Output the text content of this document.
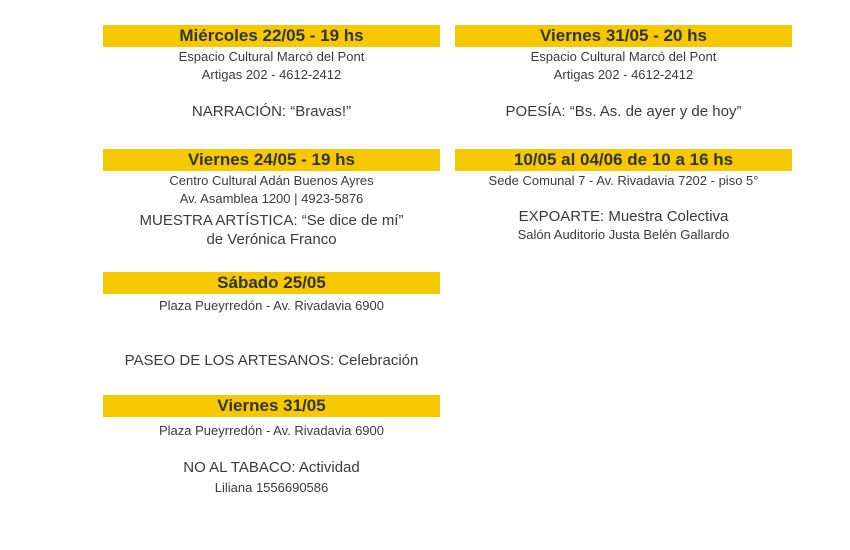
Miércoles 22/05 - 19 hs
Espacio Cultural Marcó del Pont
Artigas 202 - 4612-2412
NARRACIÓN: “Bravas!”
Viernes 24/05 - 19 hs
Centro Cultural Adán Buenos Ayres
Av. Asamblea 1200 | 4923-5876
MUESTRA ARTÍSTICA: “Se dice de mí”
de Verónica Franco
Sábado 25/05
Plaza Pueyrredón - Av. Rivadavia 6900
PASEO DE LOS ARTESANOS: Celebración
Viernes 31/05
Plaza Pueyrredón - Av. Rivadavia 6900
NO AL TABACO: Actividad
Liliana 1556690586
Viernes 31/05 - 20 hs
Espacio Cultural Marcó del Pont
Artigas 202 - 4612-2412
POESÍA: “Bs. As. de ayer y de hoy”
10/05 al 04/06 de 10 a 16 hs
Sede Comunal 7 - Av. Rivadavia 7202 - piso 5°
EXPOARTE: Muestra Colectiva
Salón Auditorio Justa Belén Gallardo
